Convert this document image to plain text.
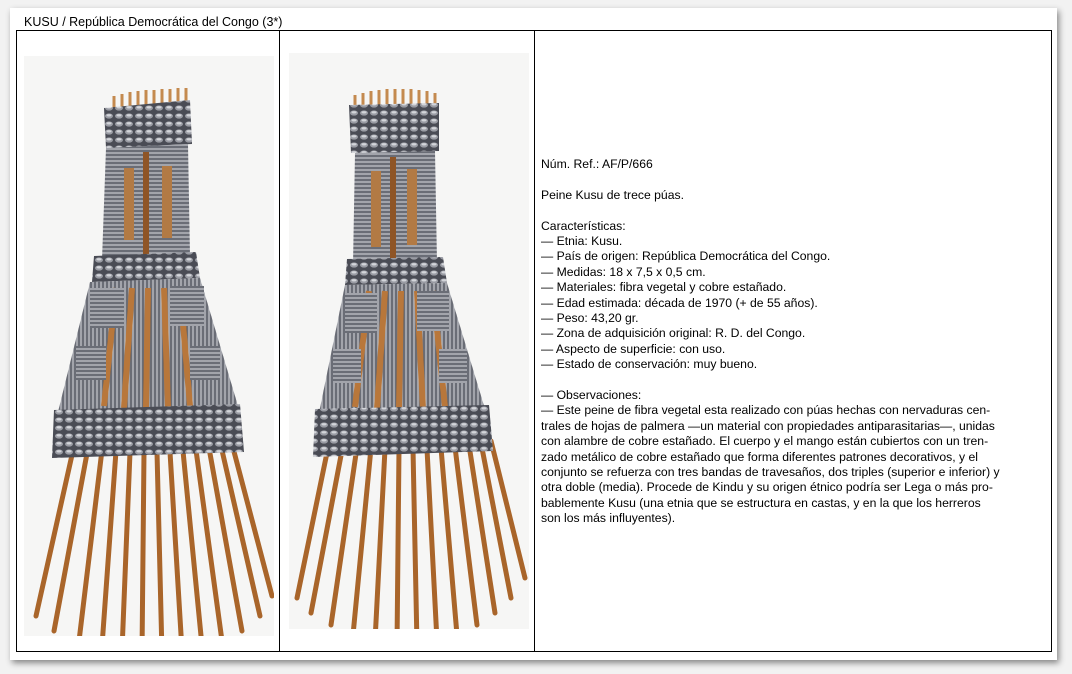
KUSU / República Democrática del Congo (3*)

Núm. Ref.: AF/P/666

Peine Kusu de trece púas.

Características:

— Etnia: Kusu.

— País de origen: República Democrática del Congo.

— Medidas: 18 x 7,5 x 0,5 cm.

— Materiales: fibra vegetal y cobre estañado.

— Edad estimada: década de 1970 (+ de 55 años).

— Peso: 43,20 gr.

— Zona de adquisición original: R. D. del Congo.

— Aspecto de superficie: con uso.

— Estado de conservación: muy bueno.

— Observaciones:

— Este peine de fibra vegetal esta realizado con púas hechas con nervaduras cen-

trales de hojas de palmera —un material con propiedades antiparasitarias—, unidas

con alambre de cobre estañado. El cuerpo y el mango están cubiertos con un tren-

zado metálico de cobre estañado que forma diferentes patrones decorativos, y el

conjunto se refuerza con tres bandas de travesaños, dos triples (superior e inferior) y

otra doble (media). Procede de Kindu y su origen étnico podría ser Lega o más pro-

bablemente Kusu (una etnia que se estructura en castas, y en la que los herreros

son los más influyentes).
